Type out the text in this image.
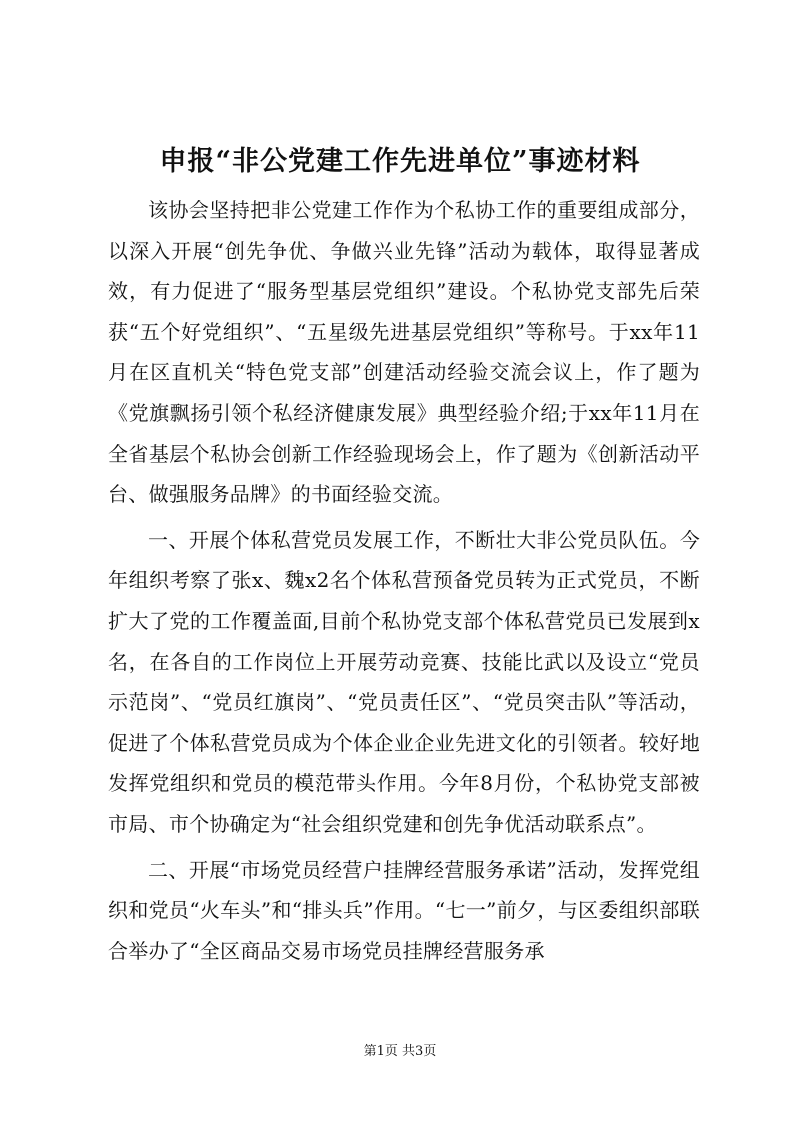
申报“非公党建工作先进单位”事迹材料

该协会坚持把非公党建工作作为个私协工作的重要组成部分，以深入开展“创先争优、争做兴业先锋”活动为载体，取得显著成效，有力促进了“服务型基层党组织”建设。个私协党支部先后荣获“五个好党组织”、“五星级先进基层党组织”等称号。于xx年11月在区直机关“特色党支部”创建活动经验交流会议上，作了题为《党旗飘扬引领个私经济健康发展》典型经验介绍;于xx年11月在全省基层个私协会创新工作经验现场会上，作了题为《创新活动平台、做强服务品牌》的书面经验交流。

一、开展个体私营党员发展工作，不断壮大非公党员队伍。今年组织考察了张x、魏x2名个体私营预备党员转为正式党员，不断扩大了党的工作覆盖面,目前个私协党支部个体私营党员已发展到x名，在各自的工作岗位上开展劳动竞赛、技能比武以及设立“党员示范岗”、“党员红旗岗”、“党员责任区”、“党员突击队”等活动，促进了个体私营党员成为个体企业企业先进文化的引领者。较好地发挥党组织和党员的模范带头作用。今年8月份，个私协党支部被市局、市个协确定为“社会组织党建和创先争优活动联系点”。

二、开展“市场党员经营户挂牌经营服务承诺”活动，发挥党组织和党员“火车头”和“排头兵”作用。“七一”前夕，与区委组织部联合举办了“全区商品交易市场党员挂牌经营服务承

第1页 共3页
